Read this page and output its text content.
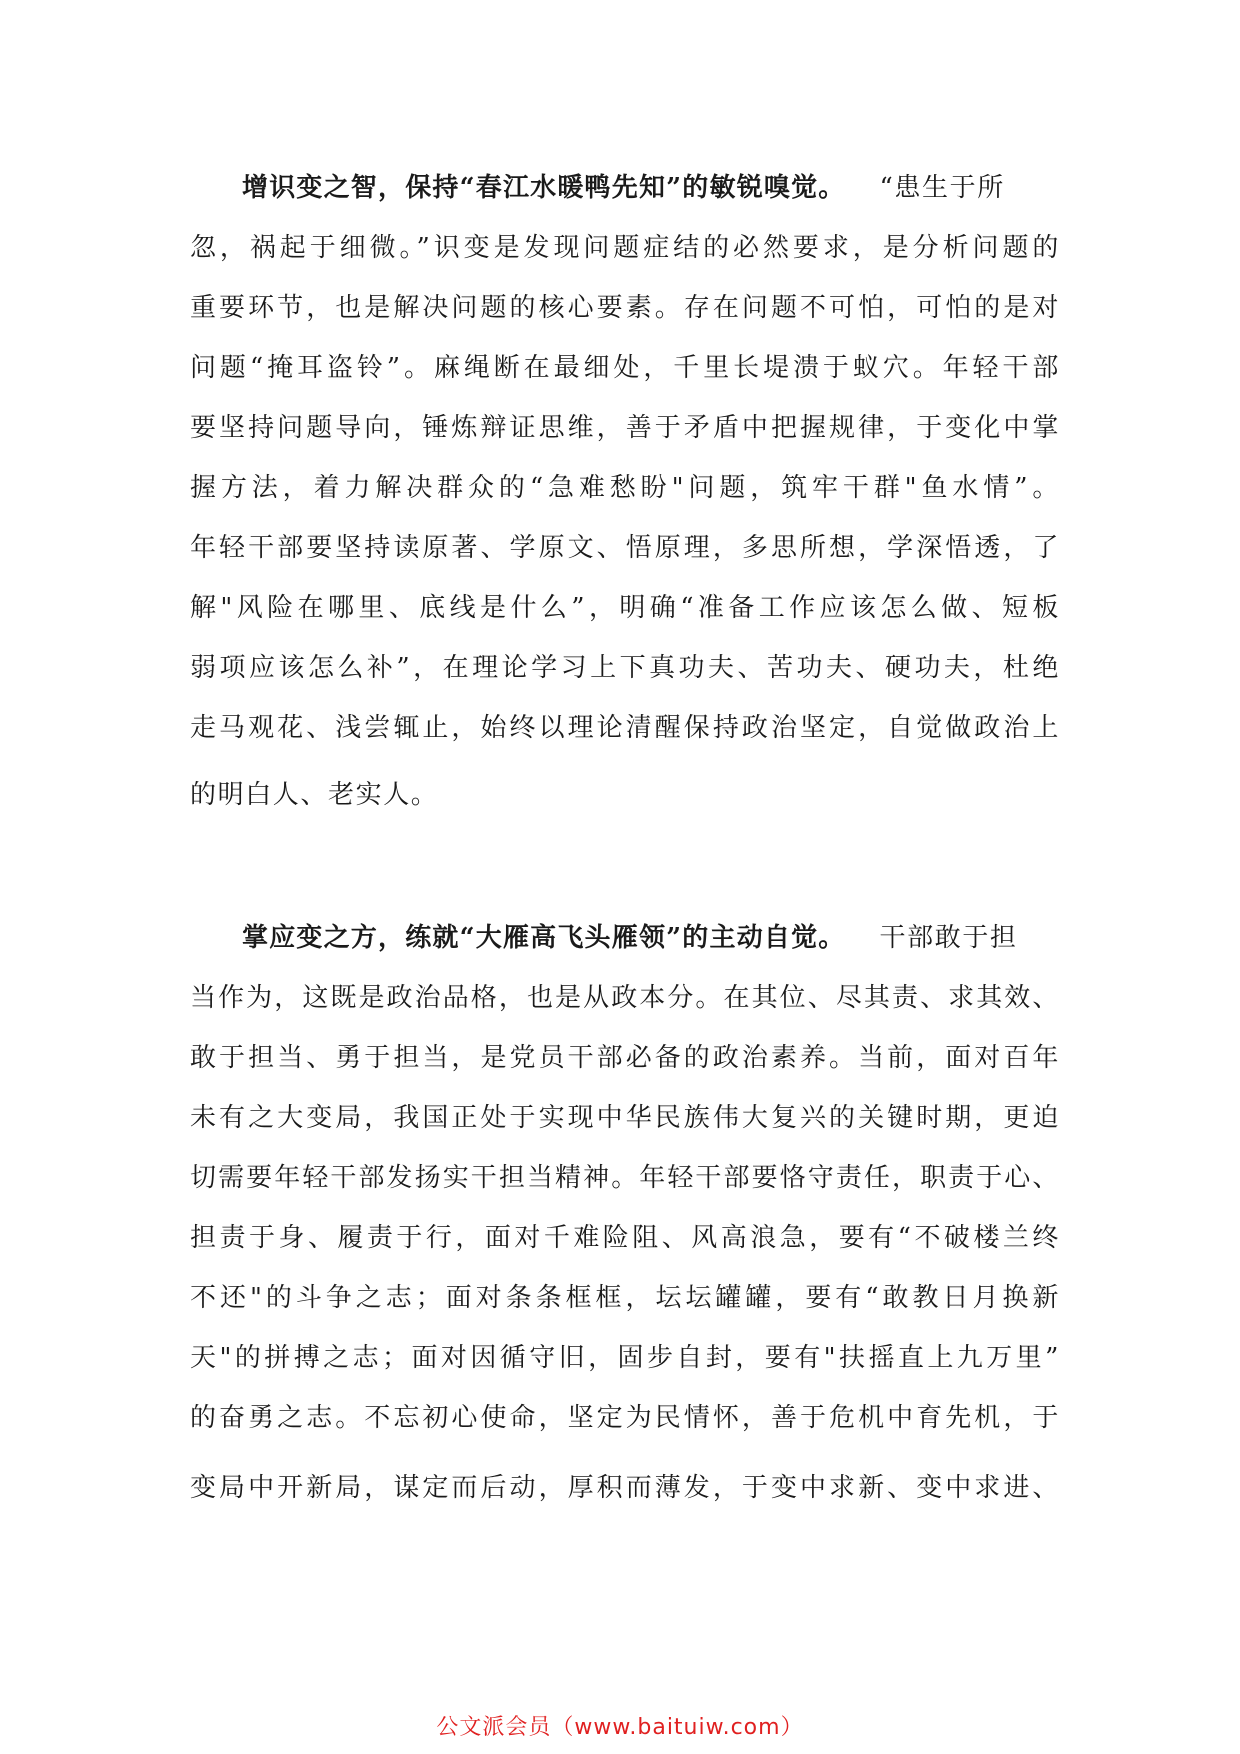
增识变之智，保持“春江水暖鸭先知”的敏锐嗅觉。 “患生于所
忽，祸起于细微。”识变是发现问题症结的必然要求，是分析问题的
重要环节，也是解决问题的核心要素。存在问题不可怕，可怕的是对
问题“掩耳盗铃”。麻绳断在最细处，千里长堤溃于蚁穴。年轻干部
要坚持问题导向，锤炼辩证思维，善于矛盾中把握规律，于变化中掌
握方法，着力解决群众的“急难愁盼"问题，筑牢干群"鱼水情”。
年轻干部要坚持读原著、学原文、悟原理，多思所想，学深悟透，了
解"风险在哪里、底线是什么”，明确“准备工作应该怎么做、短板
弱项应该怎么补”，在理论学习上下真功夫、苦功夫、硬功夫，杜绝
走马观花、浅尝辄止，始终以理论清醒保持政治坚定，自觉做政治上
的明白人、老实人。
掌应变之方，练就“大雁高飞头雁领”的主动自觉。 干部敢于担
当作为，这既是政治品格，也是从政本分。在其位、尽其责、求其效、
敢于担当、勇于担当，是党员干部必备的政治素养。当前，面对百年
未有之大变局，我国正处于实现中华民族伟大复兴的关键时期，更迫
切需要年轻干部发扬实干担当精神。年轻干部要恪守责任，职责于心、
担责于身、履责于行，面对千难险阻、风高浪急，要有“不破楼兰终
不还"的斗争之志；面对条条框框，坛坛罐罐，要有“敢教日月换新
天"的拼搏之志；面对因循守旧，固步自封，要有"扶摇直上九万里”
的奋勇之志。不忘初心使命，坚定为民情怀，善于危机中育先机，于
变局中开新局，谋定而后动，厚积而薄发，于变中求新、变中求进、
公文派会员（www.baituiw.com）
